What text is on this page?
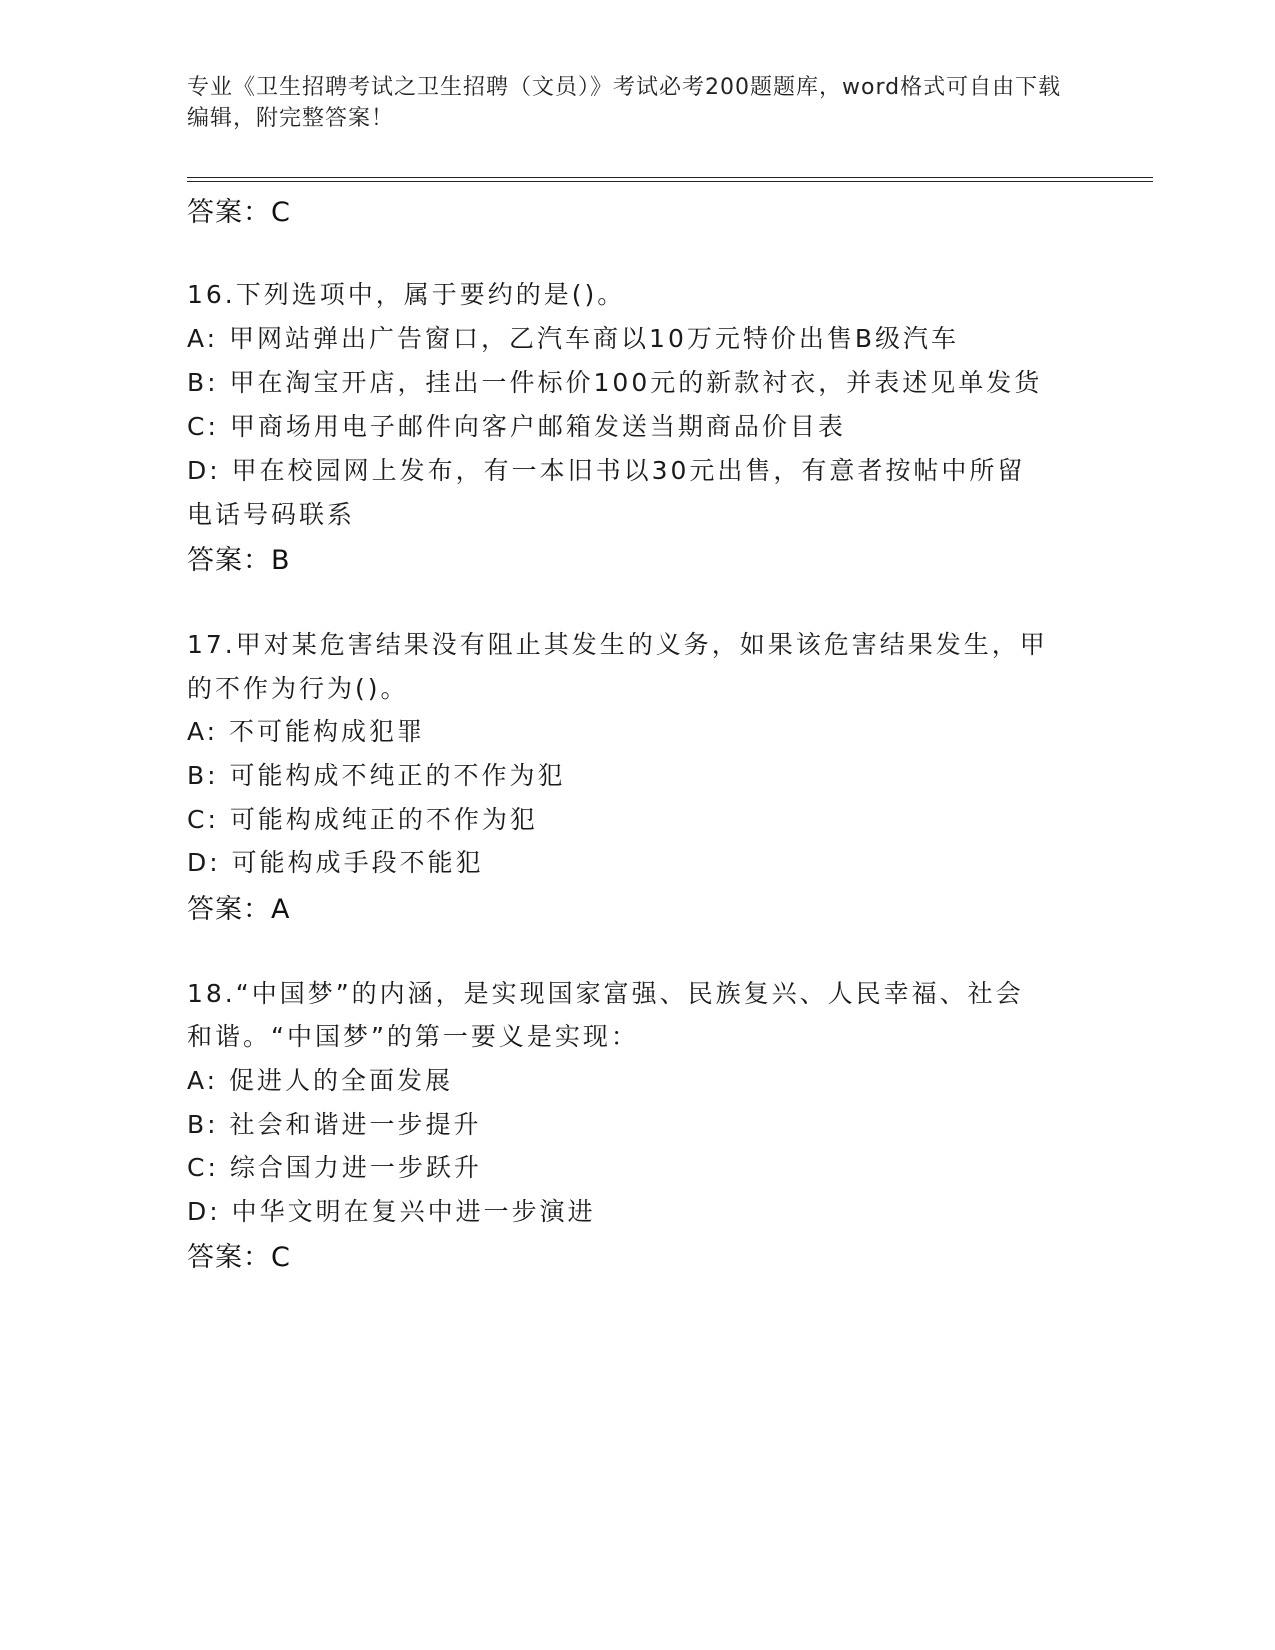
专业《卫生招聘考试之卫生招聘（文员）》考试必考200题题库，word格式可自由下载编辑，附完整答案！
答案：C
16.下列选项中，属于要约的是()。
A: 甲网站弹出广告窗口，乙汽车商以10万元特价出售B级汽车
B: 甲在淘宝开店，挂出一件标价100元的新款衬衣，并表述见单发货
C: 甲商场用电子邮件向客户邮箱发送当期商品价目表
D: 甲在校园网上发布，有一本旧书以30元出售，有意者按帖中所留
电话号码联系
答案：B
17.甲对某危害结果没有阻止其发生的义务，如果该危害结果发生，甲
的不作为行为()。
A: 不可能构成犯罪
B: 可能构成不纯正的不作为犯
C: 可能构成纯正的不作为犯
D: 可能构成手段不能犯
答案：A
18.“中国梦”的内涵，是实现国家富强、民族复兴、人民幸福、社会
和谐。“中国梦”的第一要义是实现：
A: 促进人的全面发展
B: 社会和谐进一步提升
C: 综合国力进一步跃升
D: 中华文明在复兴中进一步演进
答案：C
